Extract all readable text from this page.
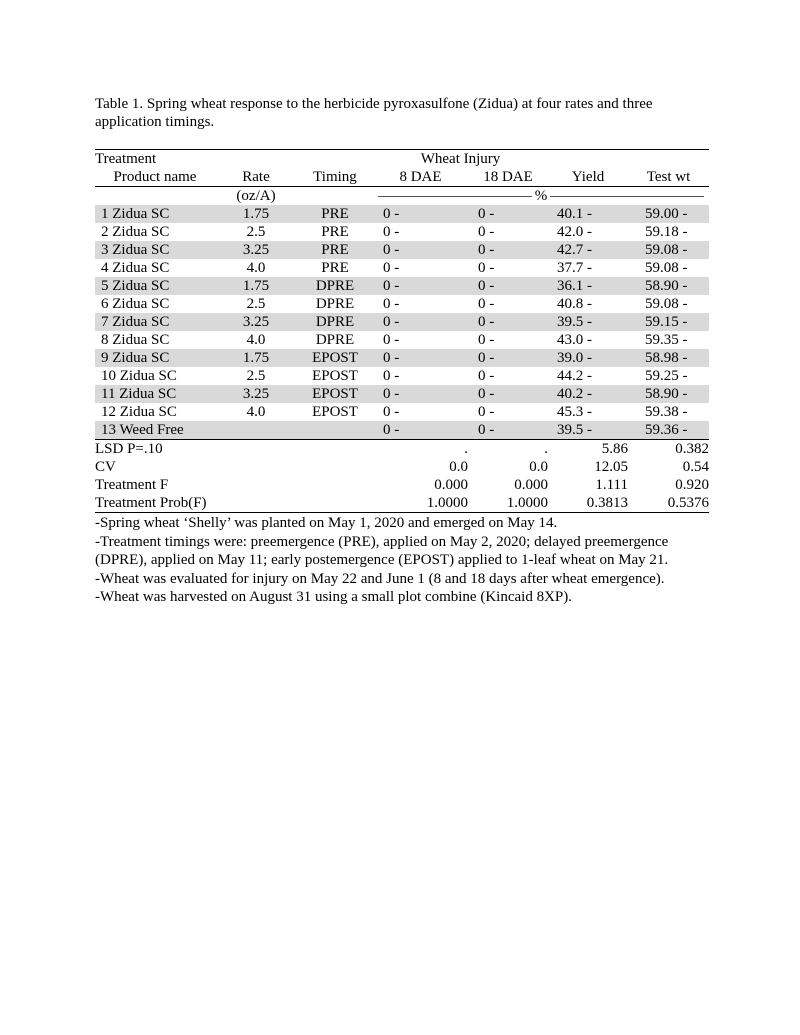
Table 1. Spring wheat response to the herbicide pyroxasulfone (Zidua) at four rates and three application timings.

Treatment			Wheat Injury			
Product name	Rate	Timing	8 DAE	18 DAE	Yield	Test wt
	(oz/A)		%			
1 Zidua SC	1.75	PRE	0 -	0 -	40.1 -	59.00 -
2 Zidua SC	2.5	PRE	0 -	0 -	42.0 -	59.18 -
3 Zidua SC	3.25	PRE	0 -	0 -	42.7 -	59.08 -
4 Zidua SC	4.0	PRE	0 -	0 -	37.7 -	59.08 -
5 Zidua SC	1.75	DPRE	0 -	0 -	36.1 -	58.90 -
6 Zidua SC	2.5	DPRE	0 -	0 -	40.8 -	59.08 -
7 Zidua SC	3.25	DPRE	0 -	0 -	39.5 -	59.15 -
8 Zidua SC	4.0	DPRE	0 -	0 -	43.0 -	59.35 -
9 Zidua SC	1.75	EPOST	0 -	0 -	39.0 -	58.98 -
10 Zidua SC	2.5	EPOST	0 -	0 -	44.2 -	59.25 -
11 Zidua SC	3.25	EPOST	0 -	0 -	40.2 -	58.90 -
12 Zidua SC	4.0	EPOST	0 -	0 -	45.3 -	59.38 -
13 Weed Free			0 -	0 -	39.5 -	59.36 -
LSD P=.10			.	.	5.86	0.382
CV			0.0	0.0	12.05	0.54
Treatment F			0.000	0.000	1.111	0.920
Treatment Prob(F)			1.0000	1.0000	0.3813	0.5376

-Spring wheat ‘Shelly’ was planted on May 1, 2020 and emerged on May 14.

-Treatment timings were: preemergence (PRE), applied on May 2, 2020; delayed preemergence (DPRE), applied on May 11; early postemergence (EPOST) applied to 1-leaf wheat on May 21.

-Wheat was evaluated for injury on May 22 and June 1 (8 and 18 days after wheat emergence).

-Wheat was harvested on August 31 using a small plot combine (Kincaid 8XP).
